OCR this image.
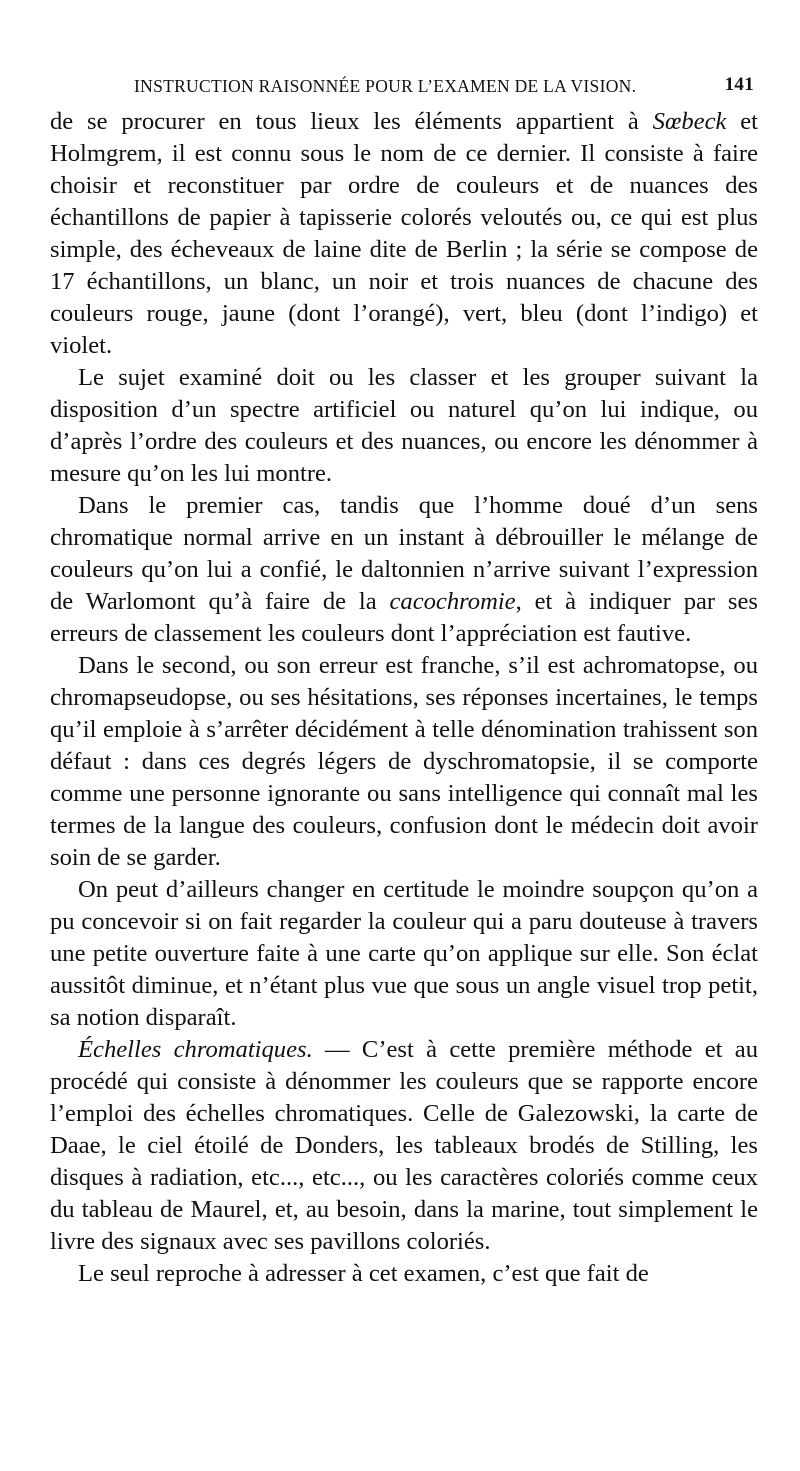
INSTRUCTION RAISONNÉE POUR L’EXAMEN DE LA VISION.	141

de se procurer en tous lieux les éléments appartient à Sœbeck et Holmgrem, il est connu sous le nom de ce dernier. Il consiste à faire choisir et reconstituer par ordre de couleurs et de nuances des échantillons de papier à tapisserie colorés veloutés ou, ce qui est plus simple, des écheveaux de laine dite de Berlin ; la série se compose de 17 échantillons, un blanc, un noir et trois nuances de chacune des couleurs rouge, jaune (dont l’orangé), vert, bleu (dont l’indigo) et violet.

Le sujet examiné doit ou les classer et les grouper suivant la disposition d’un spectre artificiel ou naturel qu’on lui indique, ou d’après l’ordre des couleurs et des nuances, ou encore les dénommer à mesure qu’on les lui montre.

Dans le premier cas, tandis que l’homme doué d’un sens chromatique normal arrive en un instant à débrouiller le mélange de couleurs qu’on lui a confié, le daltonnien n’arrive suivant l’expression de Warlomont qu’à faire de la cacochromie, et à indiquer par ses erreurs de classement les couleurs dont l’appréciation est fautive.

Dans le second, ou son erreur est franche, s’il est achromatopse, ou chromapseudopse, ou ses hésitations, ses réponses incertaines, le temps qu’il emploie à s’arrêter décidément à telle dénomination trahissent son défaut : dans ces degrés légers de dyschromatopsie, il se comporte comme une personne ignorante ou sans intelligence qui connaît mal les termes de la langue des couleurs, confusion dont le médecin doit avoir soin de se garder.

On peut d’ailleurs changer en certitude le moindre soupçon qu’on a pu concevoir si on fait regarder la couleur qui a paru douteuse à travers une petite ouverture faite à une carte qu’on applique sur elle. Son éclat aussitôt diminue, et n’étant plus vue que sous un angle visuel trop petit, sa notion disparaît.

Échelles chromatiques. — C’est à cette première méthode et au procédé qui consiste à dénommer les couleurs que se rapporte encore l’emploi des échelles chromatiques. Celle de Galezowski, la carte de Daae, le ciel étoilé de Donders, les tableaux brodés de Stilling, les disques à radiation, etc..., etc..., ou les caractères coloriés comme ceux du tableau de Maurel, et, au besoin, dans la marine, tout simplement le livre des signaux avec ses pavillons coloriés.

Le seul reproche à adresser à cet examen, c’est que fait de
